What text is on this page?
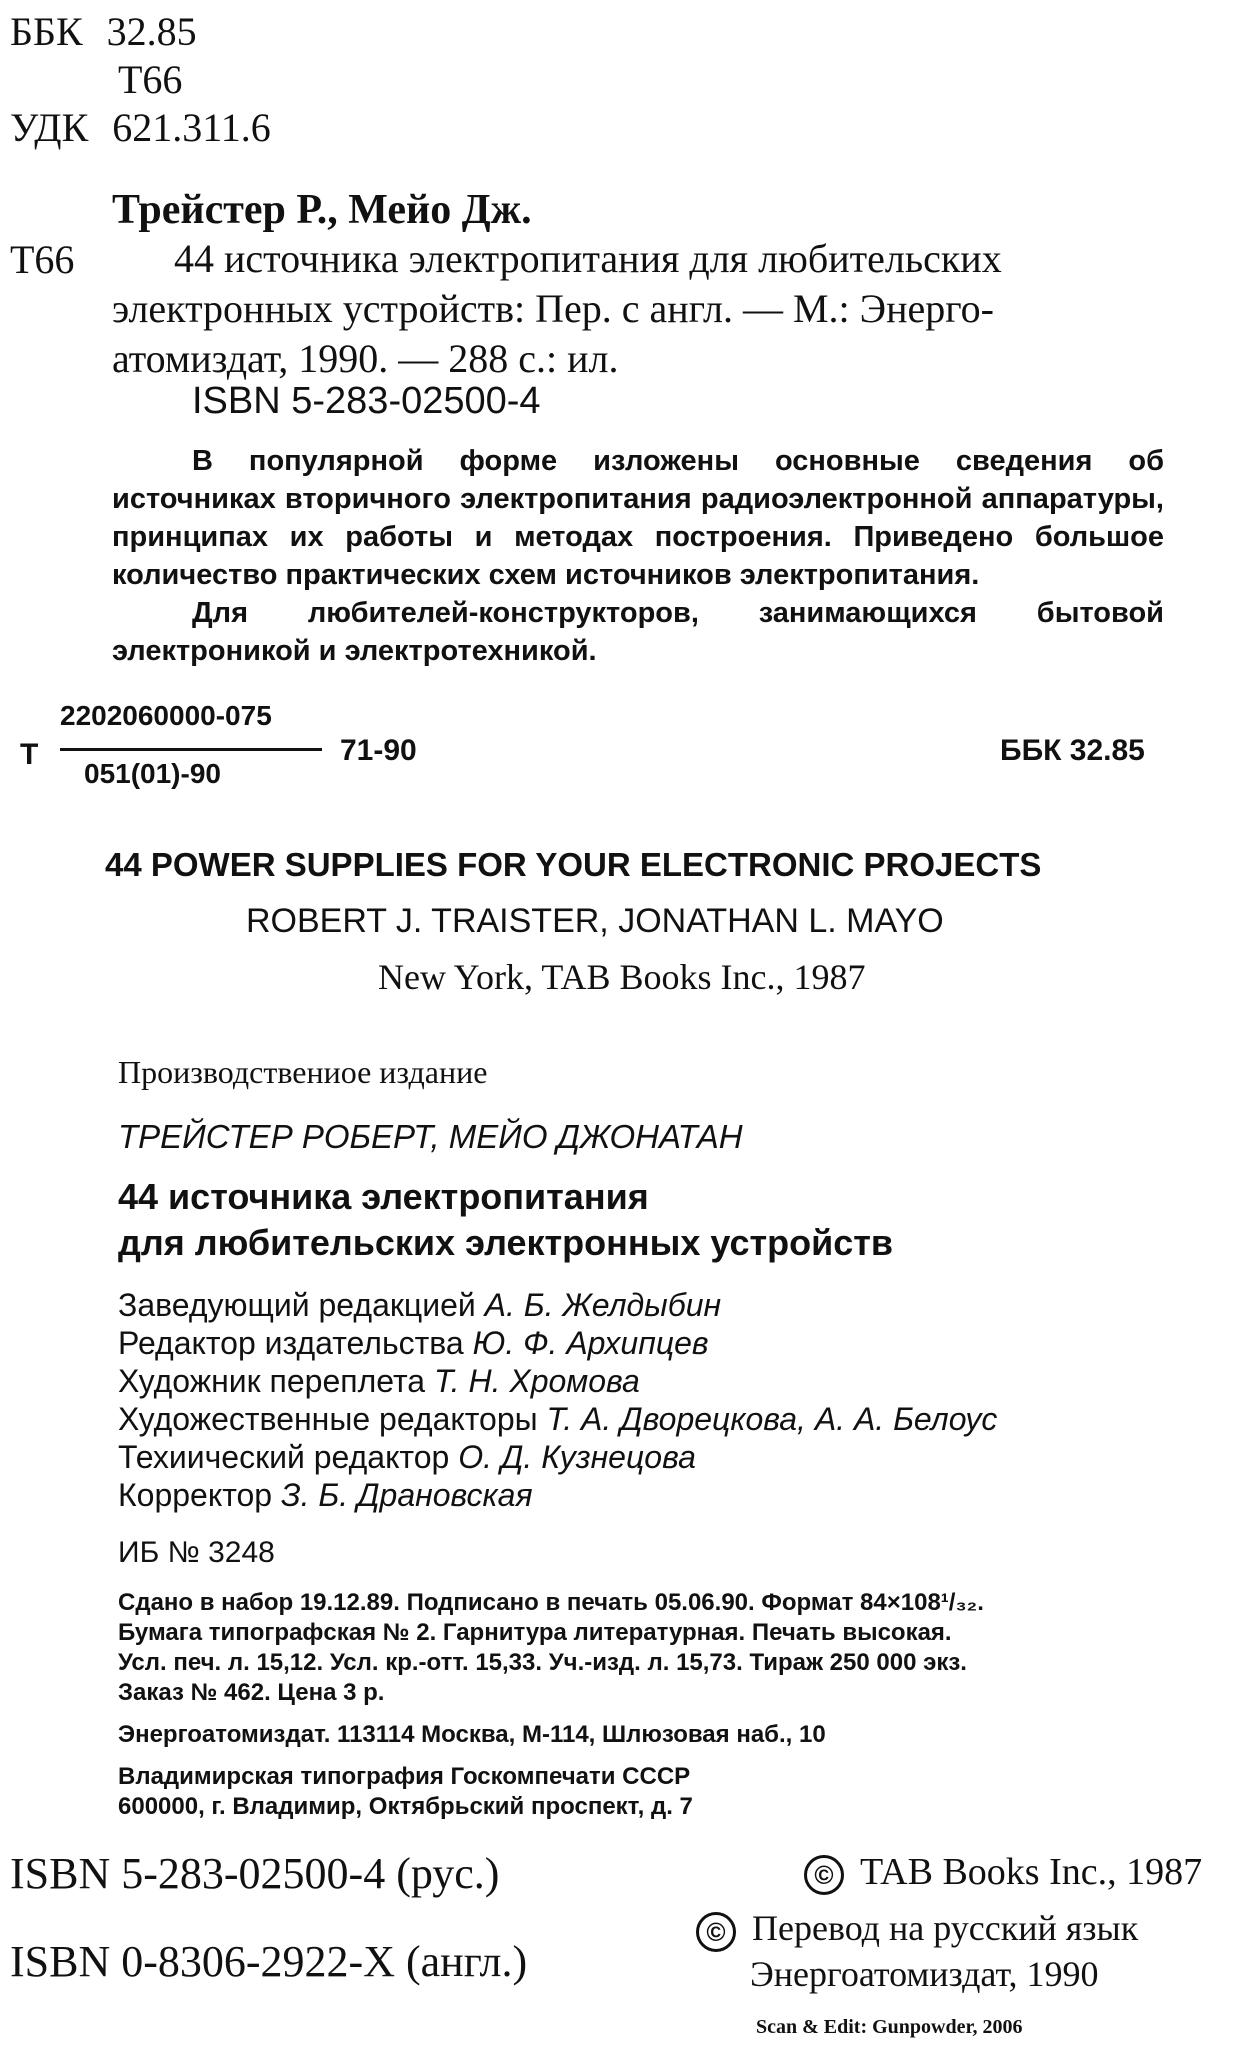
ББК 32.85
Т66
УДК 621.311.6
Трейстер Р., Мейо Дж.
Т66	44 источника электропитания для любительских
электронных устройств: Пер. с англ. — М.: Энерго-
атомиздат, 1990. — 288 с.: ил.
ISBN 5-283-02500-4

В популярной форме изложены основные сведения об источниках вторичного электропитания радиоэлектронной аппаратуры, принципах их работы и методах построения. Приведено большое количество практических схем источников электропитания.

Для любителей-конструкторов, занимающихся бытовой электроникой и электротехникой.

Т
2202060000-075
051(01)-90
71-90	ББК 32.85
44 POWER SUPPLIES FOR YOUR ELECTRONIC PROJECTS
ROBERT J. TRAISTER, JONATHAN L. MAYO
New York, TAB Books Inc., 1987
Производствениое издание
ТРЕЙСТЕР РОБЕРТ, МЕЙО ДЖОНАТАН
44 источника электропитания
для любительских электронных устройств
Заведующий редакцией А. Б. Желдыбин
Редактор издательства Ю. Ф. Архипцев
Художник переплета Т. Н. Хромова
Художественные редакторы Т. А. Дворецкова, А. А. Белоус
Техиический редактор О. Д. Кузнецова
Корректор З. Б. Драновская
ИБ № 3248
Сдано в набор 19.12.89. Подписано в печать 05.06.90. Формат 84×108¹/₃₂.
Бумага типографская № 2. Гарнитура литературная. Печать высокая.
Усл. печ. л. 15,12. Усл. кр.-отт. 15,33. Уч.-изд. л. 15,73. Тираж 250 000 экз.
Заказ № 462. Цена 3 р.
Энергоатомиздат. 113114 Москва, М-114, Шлюзовая наб., 10
Владимирская типография Госкомпечати СССР
600000, г. Владимир, Октябрьский проспект, д. 7
ISBN 5-283-02500-4 (рус.)
ISBN 0-8306-2922-X (англ.)
© TAB Books Inc., 1987
© Перевод на русский язык
Энергоатомиздат, 1990
Scan & Edit: Gunpowder, 2006
